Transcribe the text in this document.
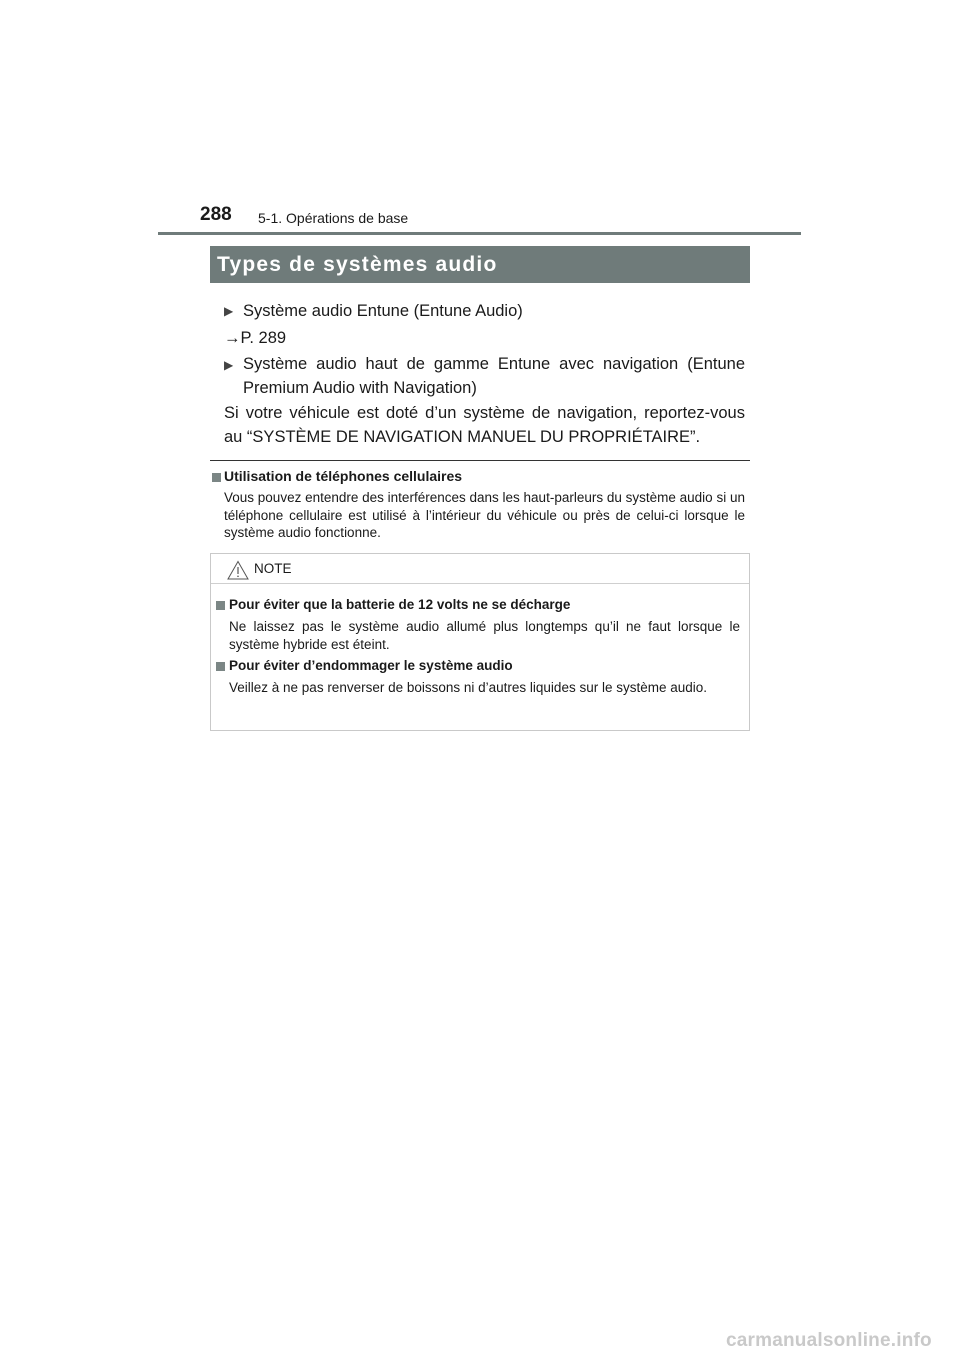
288 5-1. Opérations de base
Types de systèmes audio
▶ Système audio Entune (Entune Audio)
→P. 289
▶ Système audio haut de gamme Entune avec navigation (Entune Premium Audio with Navigation)
Si votre véhicule est doté d’un système de navigation, reportez-vous au “SYSTÈME DE NAVIGATION MANUEL DU PROPRIÉTAIRE”.
Utilisation de téléphones cellulaires
Vous pouvez entendre des interférences dans les haut-parleurs du système audio si un téléphone cellulaire est utilisé à l’intérieur du véhicule ou près de celui-ci lorsque le système audio fonctionne.
NOTE
Pour éviter que la batterie de 12 volts ne se décharge
Ne laissez pas le système audio allumé plus longtemps qu’il ne faut lorsque le système hybride est éteint.
Pour éviter d’endommager le système audio
Veillez à ne pas renverser de boissons ni d’autres liquides sur le système audio.
carmanualsonline.info
